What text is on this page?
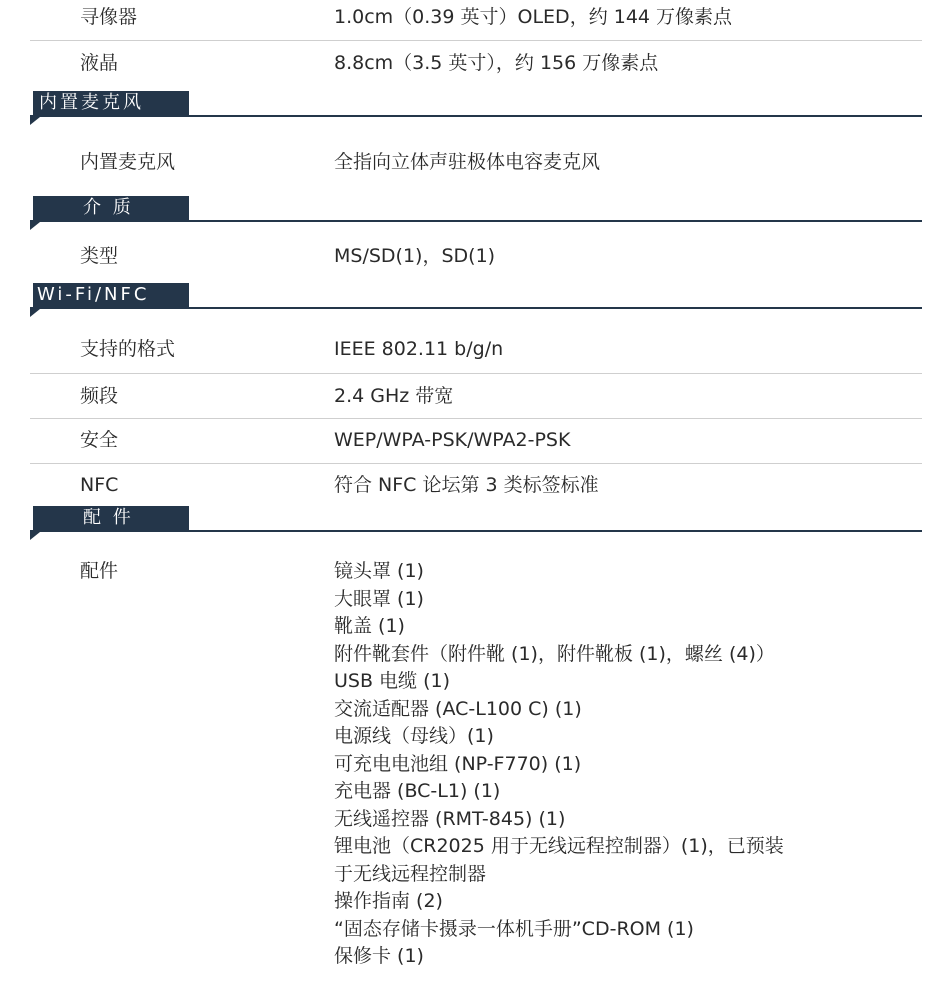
寻像器	1.0cm（0.39 英寸）OLED，约 144 万像素点
液晶	8.8cm（3.5 英寸），约 156 万像素点
内置麦克风
内置麦克风	全指向立体声驻极体电容麦克风
介 质
类型	MS/SD(1)，SD(1)
Wi-Fi/NFC
支持的格式	IEEE 802.11 b/g/n
频段	2.4 GHz 带宽
安全	WEP/WPA-PSK/WPA2-PSK
NFC	符合 NFC 论坛第 3 类标签标准
配 件
配件	镜头罩 (1)
大眼罩 (1)
靴盖 (1)
附件靴套件（附件靴 (1)，附件靴板 (1)，螺丝 (4)）
USB 电缆 (1)
交流适配器 (AC-L100 C) (1)
电源线（母线）(1)
可充电电池组 (NP-F770) (1)
充电器 (BC-L1) (1)
无线遥控器 (RMT-845) (1)
锂电池（CR2025 用于无线远程控制器）(1)，已预装
于无线远程控制器
操作指南 (2)
“固态存储卡摄录一体机手册”CD-ROM (1)
保修卡 (1)
